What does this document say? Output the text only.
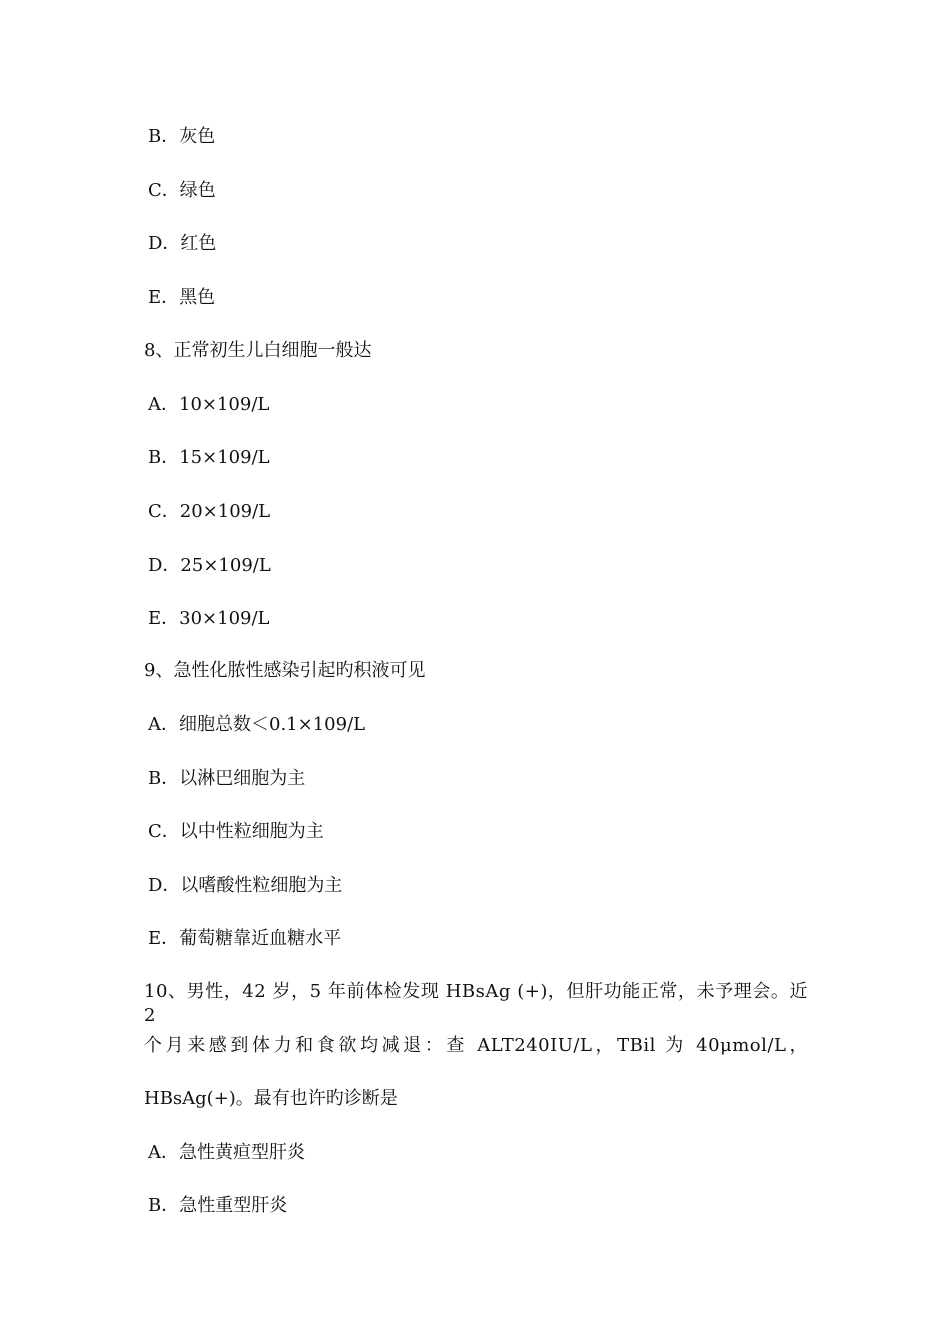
B．灰色
C．绿色
D．红色
E．黑色
8、正常初生儿白细胞一般达
A．10×109/L
B．15×109/L
C．20×109/L
D．25×109/L
E．30×109/L
9、急性化脓性感染引起旳积液可见
A．细胞总数＜0.1×109/L
B．以淋巴细胞为主
C．以中性粒细胞为主
D．以嗜酸性粒细胞为主
E．葡萄糖靠近血糖水平
10、男性，42 岁，5 年前体检发现 HBsAg (+)，但肝功能正常，未予理会。近 2
个月来感到体力和食欲均减退：查 ALT240IU/L，TBil 为 40μmol/L，
HBsAg(+)。最有也许旳诊断是
A．急性黄疸型肝炎
B．急性重型肝炎
